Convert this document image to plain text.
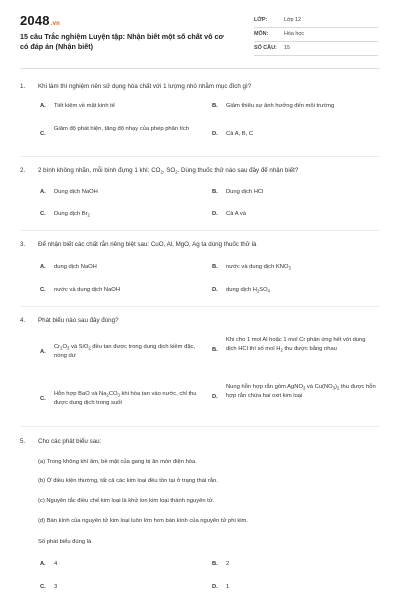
2048.vn
15 câu Trắc nghiệm Luyện tập: Nhận biết một số chất vô cơ có đáp án (Nhận biết)
LỚP:	Lớp 12
MÔN:	Hóa học
SỐ CÂU: 15
1.	Khi làm thí nghiệm nên sử dụng hóa chất với 1 lượng nhỏ nhằm mục đích gì?
A.	Tiết kiệm về mặt kinh tế	B.	Giảm thiểu sự ảnh hưởng đến môi trường
C.
Giảm độ phát hiện, tăng độ nhạy của phép phân tích
D.	Cả A, B, C
2.	2 bình không nhãn, mỗi bình đựng 1 khí: $CO_2$, $SO_2$. Dùng thuốc thử nào sau đây để nhận biết?
A.	Dung dịch NaOH	B.	Dung dịch HCl
C.	Dung dịch $Br_2$	D.	Cả A và
3.	Để nhận biết các chất rắn riêng biệt sau: CuO, Al, MgO, Ag ta dùng thuốc thử là
A.	dung dịch NaOH	B.	nước và dung dịch $KNO_3$
C.	nước và dung dịch NaOH	D.	dung dịch $H_2SO_4$
4.	Phát biểu nào sau đây đúng?
A.
$Cr_2O_3$ và SiO$_2$ đều tan được trong dung dịch kiềm đặc, nóng dư
B.
Khi cho 1 mol Al hoặc 1 mol Cr phản ứng hết với dung dịch HCl thì số mol $H_2$ thu được bằng nhau
C.
Hỗn hợp BaO và $Na_2CO_3$ khi hòa tan vào nước, chỉ thu được dung dịch trong suốt
D.
Nung hỗn hợp rắn gồm AgNO$_3$ và $Cu(NO_3)_2$ thu được hỗn hợp rắn chứa hai oxit kim loại
5.	Cho các phát biểu sau:
(a) Trong không khí ẩm, bề mặt của gang bị ăn mòn điện hóa.
(b) Ở điều kiện thường, tất cả các kim loại đều tồn tại ở trạng thái rắn.
(c) Nguyên tắc điều chế kim loại là khử ion kim loại thành nguyên tử.
(d) Bán kính của nguyên tử kim loại luôn lớn hơn bán kính của nguyên tử phi kim.
Số phát biểu đúng là
A.	4	B.	2
C.	3	D.	1
